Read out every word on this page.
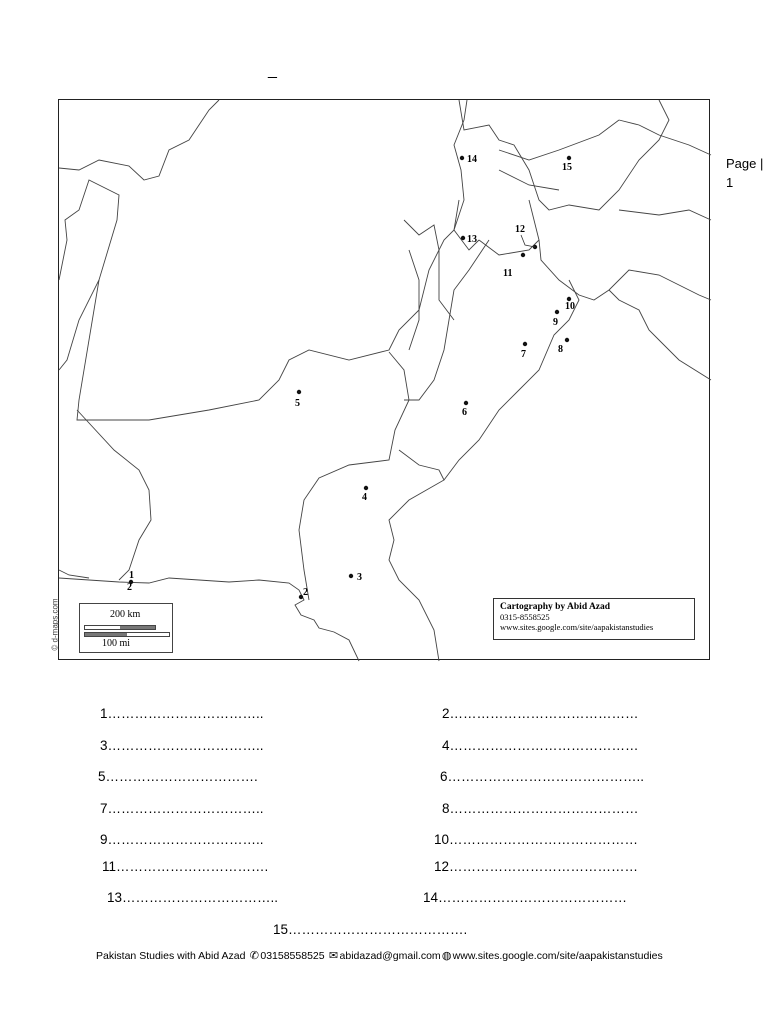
_
Page |
1
1
2	2
3
4
5
6
7	8
9
10
11
12
13
14
15
© d-maps.com	200 km
100 mi
Cartography by Abid Azad
0315-8558525
www.sites.google.com/site/aapakistanstudies
1……………………………..	2……………………………………
3……………………………..	4……………………………………
5…………………………….	6……………………………………..
7……………………………..	8……………………………………
9……………………………..	10……………………………………
11…………………………….	12……………………………………
13……………………………..	14……………………………………
15………………………………….
Pakistan Studies with Abid Azad ✆03158558525 ✉abidazad@gmail.com◍www.sites.google.com/site/aapakistanstudies
